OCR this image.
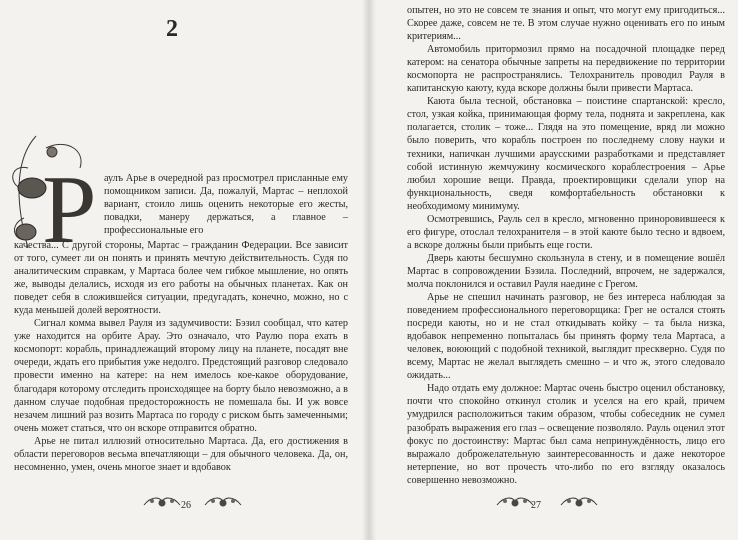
2
Р аулъ Арье в очередной раз просмотрел присланные ему помощником записи. Да, пожалуй, Мартас – неплохой вариант, стоило лишь оценить некоторые его жесты, повадки, манеру держаться, а главное – профессиональные его

качества... С другой стороны, Мартас – гражданин Федерации. Все зависит от того, сумеет ли он понять и принять мечтую действительность. Судя по аналитическим справкам, у Мартаса более чем гибкое мышление, но опять же, выводы делались, исходя из его работы на обычных планетах. Как он поведет себя в сложившейся ситуации, предугадать, конечно, можно, но с куда меньшей долей вероятности.

Сигнал комма вывел Рауля из задумчивости: Бэзил сообщал, что катер уже находится на орбите Арау. Это означало, что Раулю пора ехать в космопорт: корабль, принадлежащий второму лицу на планете, посадят вне очереди, ждать его прибытия уже недолго. Предстоящий разговор следовало провести именно на катере: на нем имелось кое-какое оборудование, благодаря которому отследить происходящее на борту было невозможно, а в данном случае подобная предосторожность не помешала бы. И уж вовсе незачем лишний раз возить Мартаса по городу с риском быть замеченными; очень может статься, что он вскоре отправится обратно.

Арье не питал иллюзий относительно Мартаса. Да, его достижения в области переговоров весьма впечатляющи – для обычного человека. Да, он, несомненно, умен, очень многое знает и вдобавок

26

опытен, но это не совсем те знания и опыт, что могут ему пригодиться... Скорее даже, совсем не те. В этом случае нужно оценивать его по иным критериям...

Автомобиль притормозил прямо на посадочной площадке перед катером: на сенатора обычные запреты на передвижение по территории космопорта не распространялись. Телохранитель проводил Рауля в капитанскую каюту, куда вскоре должны были привести Мартаса.

Каюта была тесной, обстановка – поистине спартанской: кресло, стол, узкая койка, принимающая форму тела, поднята и закреплена, как полагается, столик – тоже... Глядя на это помещение, вряд ли можно было поверить, что корабль построен по последнему слову науки и техники, напичкан лучшими араусскими разработками и представляет собой истинную жемчужину космического кораблестроения – Арье любил хорошие вещи. Правда, проектировщики сделали упор на функциональность, сведя комфортабельность обстановки к необходимому минимуму.

Осмотревшись, Рауль сел в кресло, мгновенно приноровившееся к его фигуре, отослал телохранителя – в этой каюте было тесно и вдвоем, а вскоре должны были прибыть еще гости.

Дверь каюты бесшумно скользнула в стену, и в помещение вошёл Мартас в сопровождении Бэзила. Последний, впрочем, не задержался, молча поклонился и оставил Рауля наедине с Грегом.

Арье не спешил начинать разговор, не без интереса наблюдая за поведением профессионального переговорщика: Грег не остался стоять посреди каюты, но и не стал откидывать койку – та была низка, вдобавок непременно попыталась бы принять форму тела Мартаса, а человек, воюющий с подобной техникой, выглядит прескверно. Судя по всему, Мартас не желал выглядеть смешно – и что ж, этого следовало ожидать...

Надо отдать ему должное: Мартас очень быстро оценил обстановку, почти что спокойно откинул столик и уселся на его край, причем умудрился расположиться таким образом, чтобы собеседник не сумел разобрать выражения его глаз – освещение позволяло. Рауль оценил этот фокус по достоинству: Мартас был сама непринуждённость, лицо его выражало доброжелательную заинтересованность и даже некоторое нетерпение, но вот прочесть что-либо по его взгляду оказалось совершенно невозможно.

27
